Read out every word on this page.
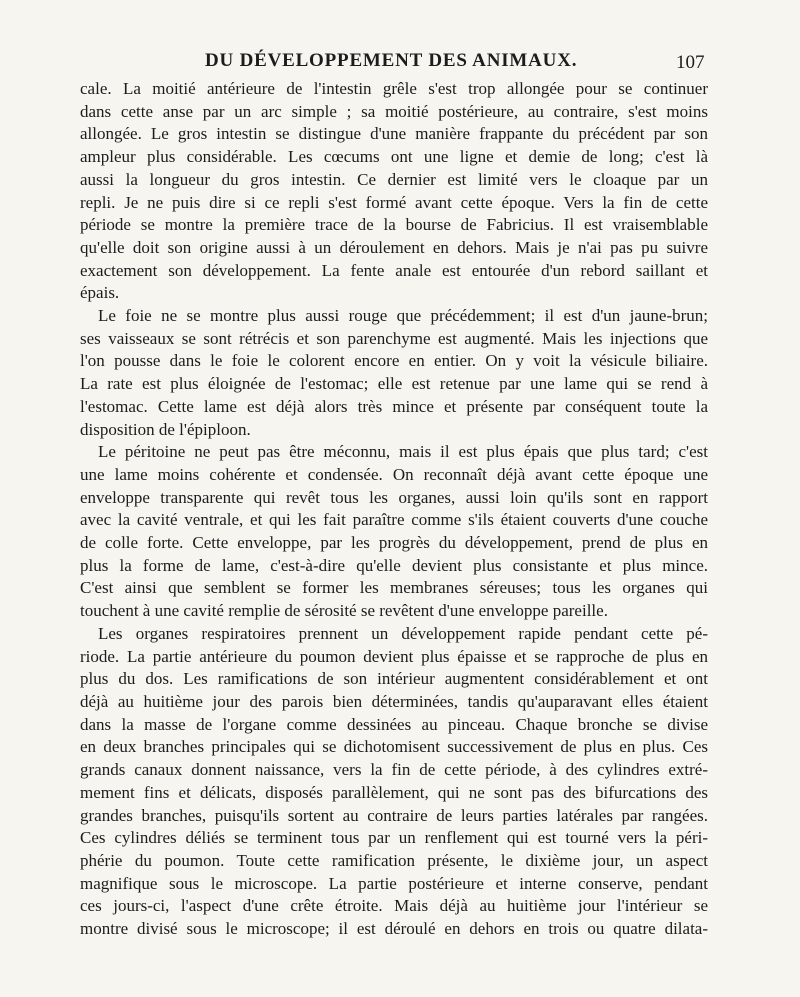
DU DÉVELOPPEMENT DES ANIMAUX.	107
cale. La moitié antérieure de l'intestin grêle s'est trop allongée pour se continuer
dans cette anse par un arc simple ; sa moitié postérieure, au contraire, s'est moins
allongée. Le gros intestin se distingue d'une manière frappante du précédent par son
ampleur plus considérable. Les cœcums ont une ligne et demie de long; c'est là
aussi la longueur du gros intestin. Ce dernier est limité vers le cloaque par un
repli. Je ne puis dire si ce repli s'est formé avant cette époque. Vers la fin de cette
période se montre la première trace de la bourse de Fabricius. Il est vraisemblable
qu'elle doit son origine aussi à un déroulement en dehors. Mais je n'ai pas pu suivre
exactement son développement. La fente anale est entourée d'un rebord saillant et
épais.
Le foie ne se montre plus aussi rouge que précédemment; il est d'un jaune-brun;
ses vaisseaux se sont rétrécis et son parenchyme est augmenté. Mais les injections que
l'on pousse dans le foie le colorent encore en entier. On y voit la vésicule biliaire.
La rate est plus éloignée de l'estomac; elle est retenue par une lame qui se rend à
l'estomac. Cette lame est déjà alors très mince et présente par conséquent toute la
disposition de l'épiploon.
Le péritoine ne peut pas être méconnu, mais il est plus épais que plus tard; c'est
une lame moins cohérente et condensée. On reconnaît déjà avant cette époque une
enveloppe transparente qui revêt tous les organes, aussi loin qu'ils sont en rapport
avec la cavité ventrale, et qui les fait paraître comme s'ils étaient couverts d'une couche
de colle forte. Cette enveloppe, par les progrès du développement, prend de plus en
plus la forme de lame, c'est-à-dire qu'elle devient plus consistante et plus mince.
C'est ainsi que semblent se former les membranes séreuses; tous les organes qui
touchent à une cavité remplie de sérosité se revêtent d'une enveloppe pareille.
Les organes respiratoires prennent un développement rapide pendant cette pé-
riode. La partie antérieure du poumon devient plus épaisse et se rapproche de plus en
plus du dos. Les ramifications de son intérieur augmentent considérablement et ont
déjà au huitième jour des parois bien déterminées, tandis qu'auparavant elles étaient
dans la masse de l'organe comme dessinées au pinceau. Chaque bronche se divise
en deux branches principales qui se dichotomisent successivement de plus en plus. Ces
grands canaux donnent naissance, vers la fin de cette période, à des cylindres extré-
mement fins et délicats, disposés parallèlement, qui ne sont pas des bifurcations des
grandes branches, puisqu'ils sortent au contraire de leurs parties latérales par rangées.
Ces cylindres déliés se terminent tous par un renflement qui est tourné vers la péri-
phérie du poumon. Toute cette ramification présente, le dixième jour, un aspect
magnifique sous le microscope. La partie postérieure et interne conserve, pendant
ces jours-ci, l'aspect d'une crête étroite. Mais déjà au huitième jour l'intérieur se
montre divisé sous le microscope; il est déroulé en dehors en trois ou quatre dilata-
